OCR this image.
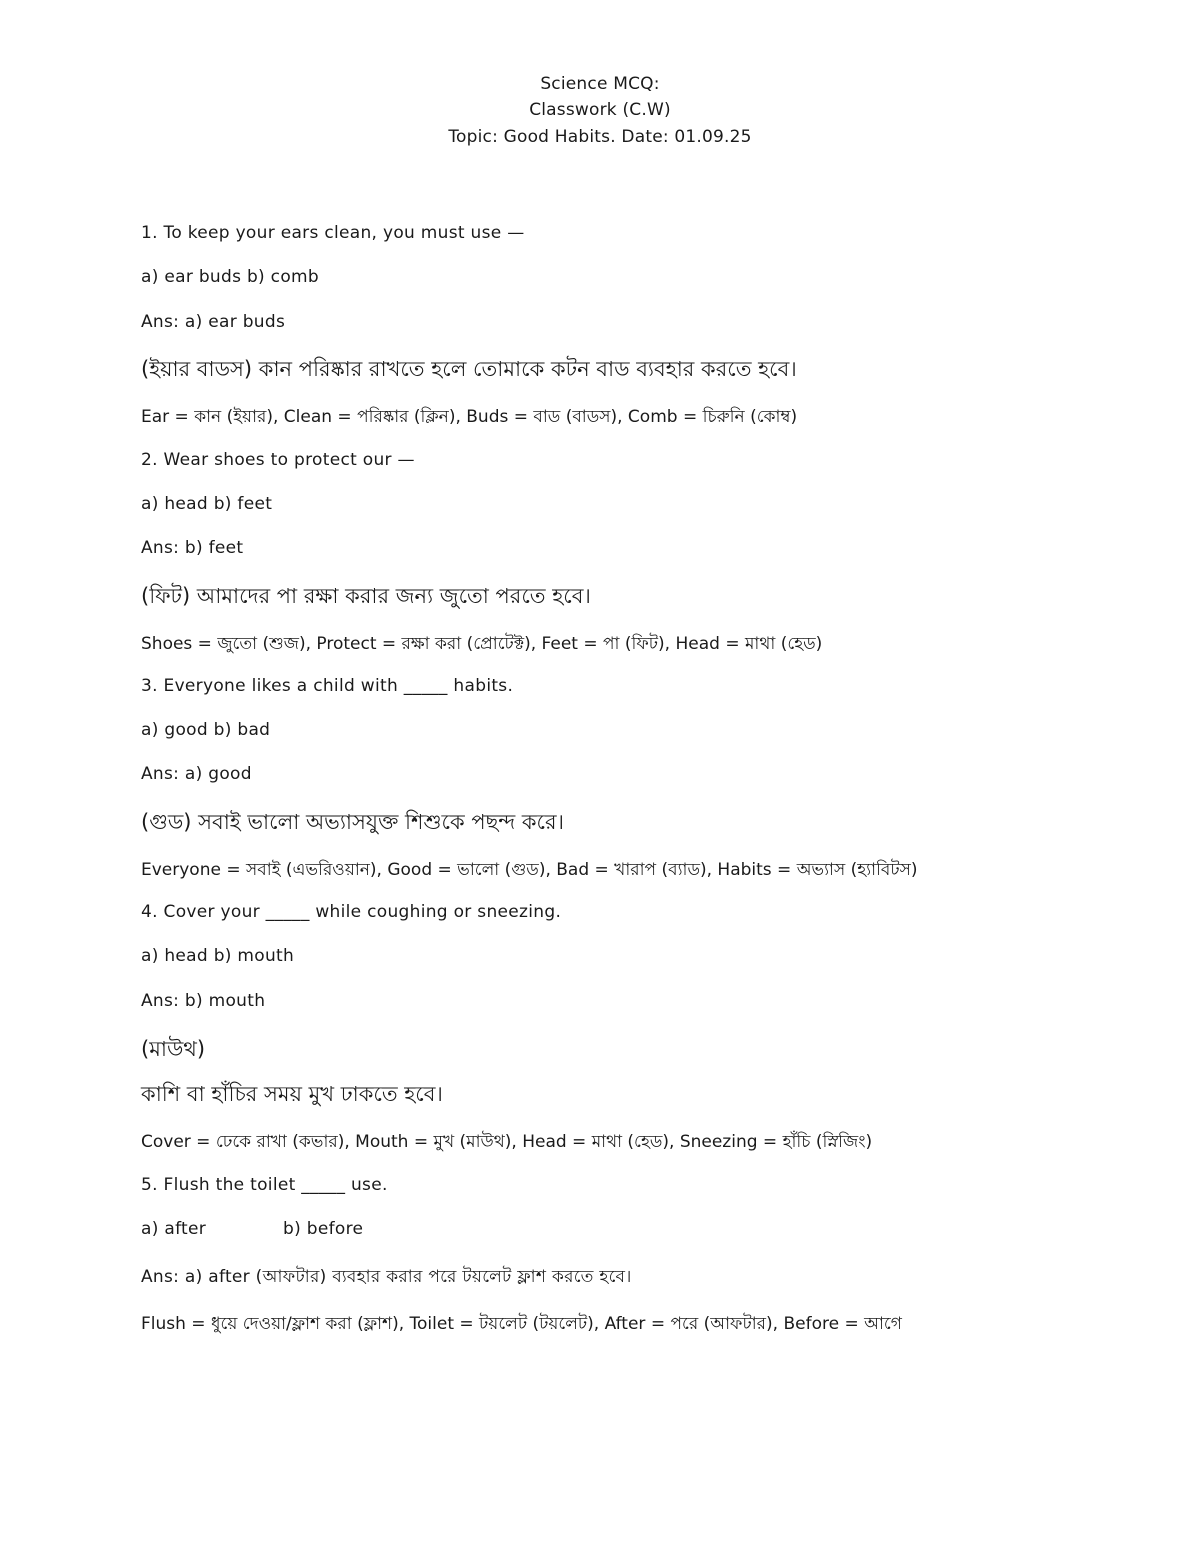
Science MCQ:
Classwork (C.W)
Topic: Good Habits. Date: 01.09.25
1. To keep your ears clean, you must use —
a) ear buds b) comb
Ans: a) ear buds
(ইয়ার বাডস) কান পরিষ্কার রাখতে হলে তোমাকে কটন বাড ব্যবহার করতে হবে।
Ear = কান (ইয়ার), Clean = পরিষ্কার (ক্লিন), Buds = বাড (বাডস), Comb = চিরুনি (কোম্ব)
2. Wear shoes to protect our —
a) head b) feet
Ans: b) feet
(ফিট) আমাদের পা রক্ষা করার জন্য জুতো পরতে হবে।
Shoes = জুতো (শুজ), Protect = রক্ষা করা (প্রোটেক্ট), Feet = পা (ফিট), Head = মাথা (হেড)
3. Everyone likes a child with _____ habits.
a) good b) bad
Ans: a) good
(গুড) সবাই ভালো অভ্যাসযুক্ত শিশুকে পছন্দ করে।
Everyone = সবাই (এভরিওয়ান), Good = ভালো (গুড), Bad = খারাপ (ব্যাড), Habits = অভ্যাস (হ্যাবিটস)
4. Cover your _____ while coughing or sneezing.
a) head b) mouth
Ans: b) mouth
(মাউথ)
কাশি বা হাঁচির সময় মুখ ঢাকতে হবে।
Cover = ঢেকে রাখা (কভার), Mouth = মুখ (মাউথ), Head = মাথা (হেড), Sneezing = হাঁচি (স্নিজিং)
5. Flush the toilet _____ use.
a) after	b) before
Ans: a) after (আফটার) ব্যবহার করার পরে টয়লেট ফ্লাশ করতে হবে।
Flush = ধুয়ে দেওয়া/ফ্লাশ করা (ফ্লাশ), Toilet = টয়লেট (টয়লেট), After = পরে (আফটার), Before = আগে
